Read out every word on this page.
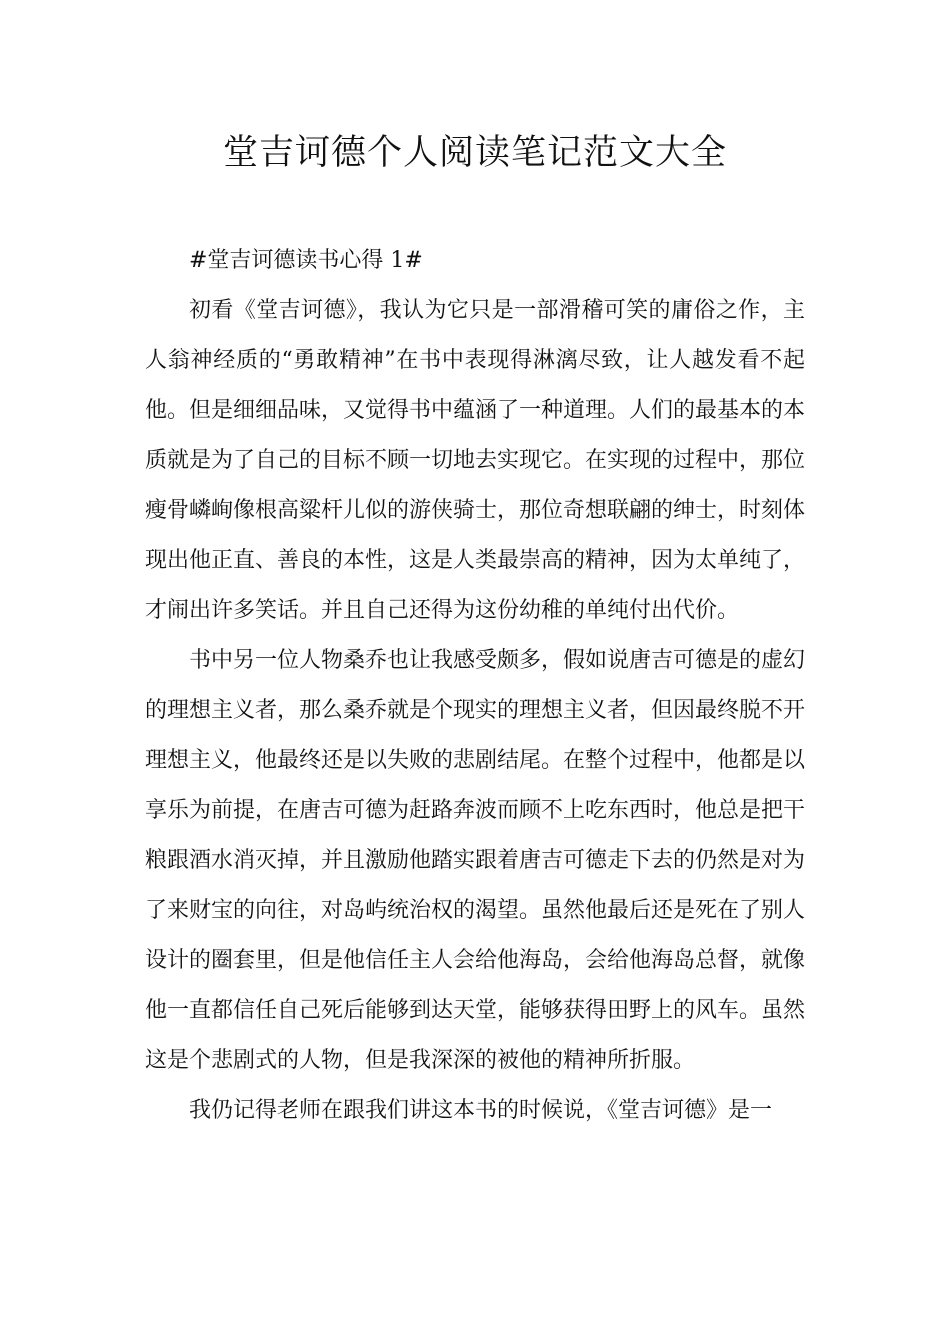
堂吉诃德个人阅读笔记范文大全

#堂吉诃德读书心得 1#

初看《堂吉诃德》，我认为它只是一部滑稽可笑的庸俗之作，主人翁神经质的“勇敢精神”在书中表现得淋漓尽致，让人越发看不起他。但是细细品味，又觉得书中蕴涵了一种道理。人们的最基本的本质就是为了自己的目标不顾一切地去实现它。在实现的过程中，那位瘦骨嶙峋像根高粱杆儿似的游侠骑士，那位奇想联翩的绅士，时刻体现出他正直、善良的本性，这是人类最崇高的精神，因为太单纯了，才闹出许多笑话。并且自己还得为这份幼稚的单纯付出代价。

书中另一位人物桑乔也让我感受颇多，假如说唐吉可德是的虚幻的理想主义者，那么桑乔就是个现实的理想主义者，但因最终脱不开理想主义，他最终还是以失败的悲剧结尾。在整个过程中，他都是以享乐为前提，在唐吉可德为赶路奔波而顾不上吃东西时，他总是把干粮跟酒水消灭掉，并且激励他踏实跟着唐吉可德走下去的仍然是对为了来财宝的向往，对岛屿统治权的渴望。虽然他最后还是死在了别人设计的圈套里，但是他信任主人会给他海岛，会给他海岛总督，就像他一直都信任自己死后能够到达天堂，能够获得田野上的风车。虽然这是个悲剧式的人物，但是我深深的被他的精神所折服。

我仍记得老师在跟我们讲这本书的时候说，《堂吉诃德》是一
